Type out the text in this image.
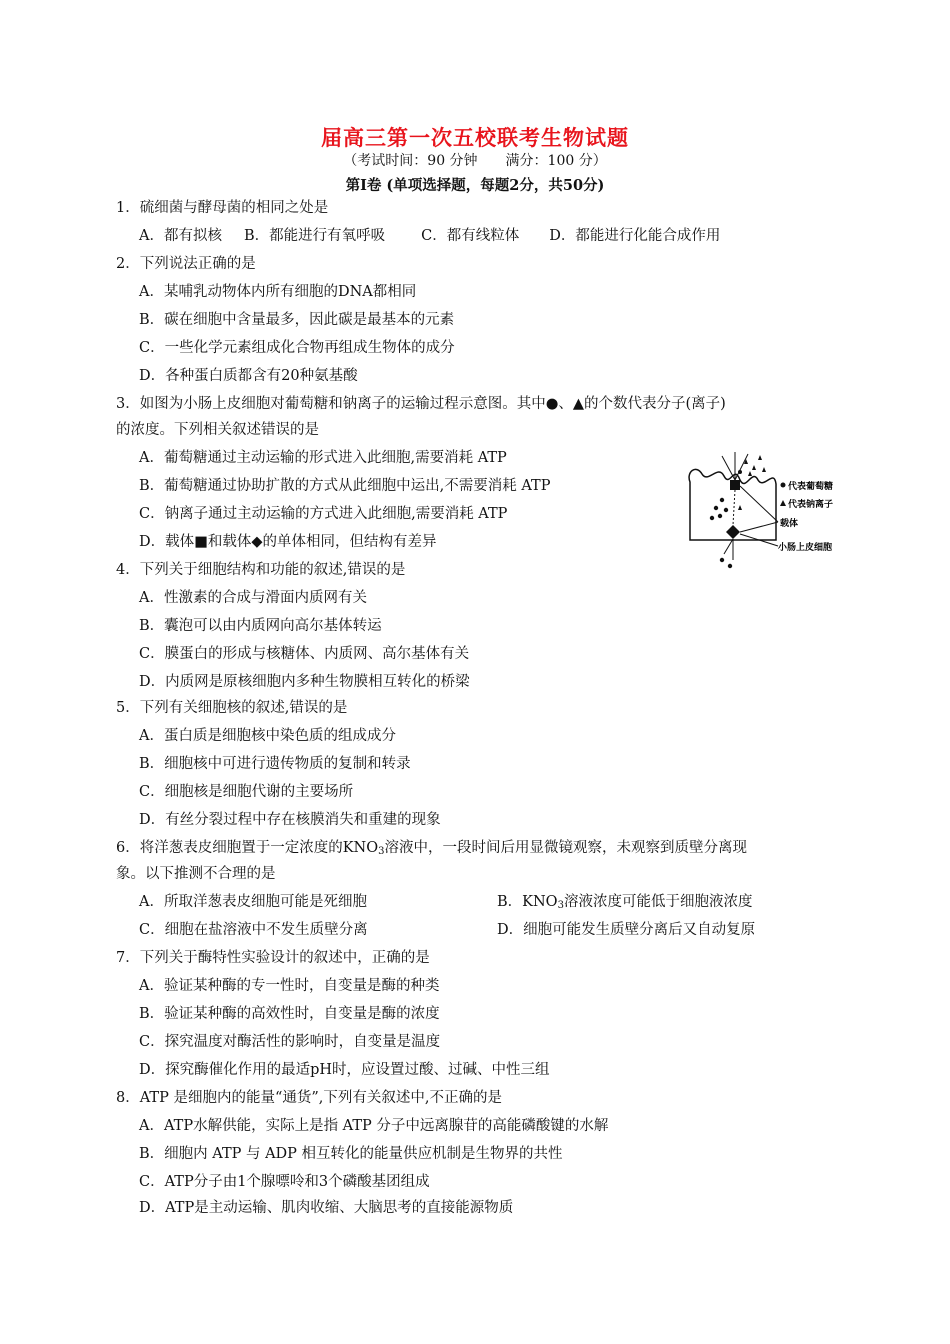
届高三第一次五校联考生物试题
（考试时间：90 分钟 满分：100 分）
第Ⅰ卷 (单项选择题，每题2分，共50分)
1．硫细菌与酵母菌的相同之处是
A．都有拟核 B．都能进行有氧呼吸 C．都有线粒体 D．都能进行化能合成作用
2．下列说法正确的是
A．某哺乳动物体内所有细胞的DNA都相同
B．碳在细胞中含量最多，因此碳是最基本的元素
C．一些化学元素组成化合物再组成生物体的成分
D．各种蛋白质都含有20种氨基酸
3．如图为小肠上皮细胞对葡萄糖和钠离子的运输过程示意图。其中●、▲的个数代表分子(离子)
的浓度。下列相关叙述错误的是
A．葡萄糖通过主动运输的形式进入此细胞,需要消耗 ATP
B．葡萄糖通过协助扩散的方式从此细胞中运出,不需要消耗 ATP
C．钠离子通过主动运输的方式进入此细胞,需要消耗 ATP
D．载体■和载体◆的单体相同，但结构有差异
代表葡萄糖
代表钠离子
载体
小肠上皮细胞
4．下列关于细胞结构和功能的叙述,错误的是
A．性激素的合成与滑面内质网有关
B．囊泡可以由内质网向高尔基体转运
C．膜蛋白的形成与核糖体、内质网、高尔基体有关
D．内质网是原核细胞内多种生物膜相互转化的桥梁
5．下列有关细胞核的叙述,错误的是
A．蛋白质是细胞核中染色质的组成成分
B．细胞核中可进行遗传物质的复制和转录
C．细胞核是细胞代谢的主要场所
D．有丝分裂过程中存在核膜消失和重建的现象
6．将洋葱表皮细胞置于一定浓度的$KNO_3$溶液中，一段时间后用显微镜观察，未观察到质壁分离现
象。以下推测不合理的是
A．所取洋葱表皮细胞可能是死细胞	B．$KNO_3$溶液浓度可能低于细胞液浓度
C．细胞在盐溶液中不发生质壁分离	D．细胞可能发生质壁分离后又自动复原
7．下列关于酶特性实验设计的叙述中，正确的是
A．验证某种酶的专一性时，自变量是酶的种类
B．验证某种酶的高效性时，自变量是酶的浓度
C．探究温度对酶活性的影响时，自变量是温度
D．探究酶催化作用的最适pH时，应设置过酸、过碱、中性三组
8．ATP 是细胞内的能量“通货”,下列有关叙述中,不正确的是
A．ATP水解供能，实际上是指 ATP 分子中远离腺苷的高能磷酸键的水解
B．细胞内 ATP 与 ADP 相互转化的能量供应机制是生物界的共性
C．ATP分子由1个腺嘌呤和3个磷酸基团组成
D．ATP是主动运输、肌肉收缩、大脑思考的直接能源物质
